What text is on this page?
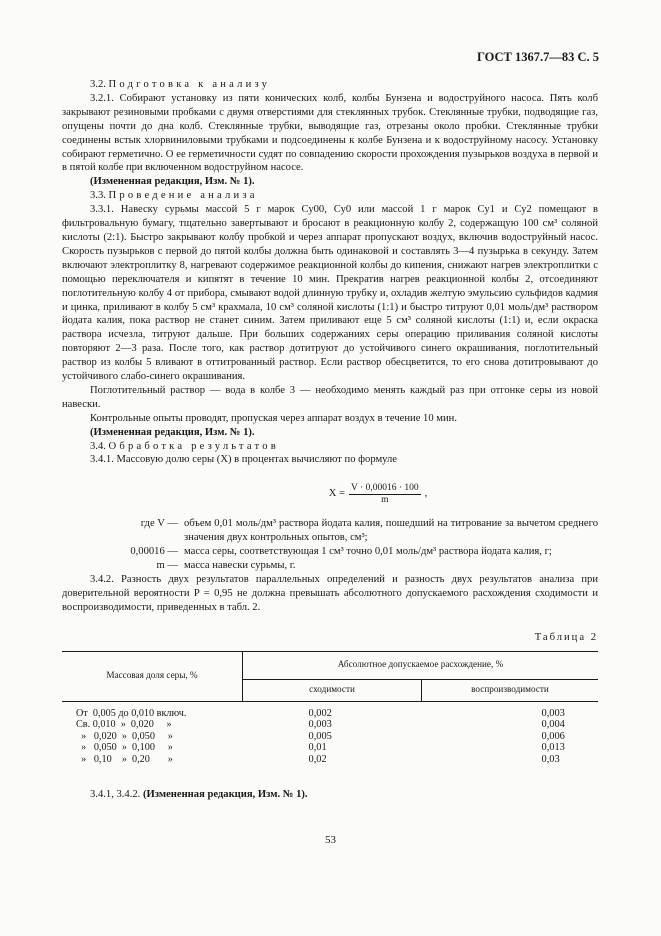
ГОСТ 1367.7—83 С. 5

3.2. Подготовка к анализу

3.2.1. Собирают установку из пяти конических колб, колбы Бунзена и водоструйного насоса. Пять колб закрывают резиновыми пробками с двумя отверстиями для стеклянных трубок. Стеклянные трубки, подводящие газ, опущены почти до дна колб. Стеклянные трубки, выводящие газ, отрезаны около пробки. Стеклянные трубки соединены встык хлорвиниловыми трубками и подсоединены к колбе Бунзена и к водоструйному насосу. Установку собирают герметично. О ее герметичности судят по совпадению скорости прохождения пузырьков воздуха в первой и в пятой колбе при включенном водоструйном насосе.

(Измененная редакция, Изм. № 1).

3.3. Проведение анализа

3.3.1. Навеску сурьмы массой 5 г марок Су00, Су0 или массой 1 г марок Су1 и Су2 помещают в фильтровальную бумагу, тщательно завертывают и бросают в реакционную колбу 2, содержащую 100 см³ соляной кислоты (2:1). Быстро закрывают колбу пробкой и через аппарат пропускают воздух, включив водоструйный насос. Скорость пузырьков с первой до пятой колбы должна быть одинаковой и составлять 3—4 пузырька в секунду. Затем включают электроплитку 8, нагревают содержимое реакционной колбы до кипения, снижают нагрев электроплитки с помощью переключателя и кипятят в течение 10 мин. Прекратив нагрев реакционной колбы 2, отсоединяют поглотительную колбу 4 от прибора, смывают водой длинную трубку и, охладив желтую эмульсию сульфидов кадмия и цинка, приливают в колбу 5 см³ крахмала, 10 см³ соляной кислоты (1:1) и быстро титруют 0,01 моль/дм³ раствором йодата калия, пока раствор не станет синим. Затем приливают еще 5 см³ соляной кислоты (1:1) и, если окраска раствора исчезла, титруют дальше. При больших содержаниях серы операцию приливания соляной кислоты повторяют 2—3 раза. После того, как раствор дотитруют до устойчивого синего окрашивания, поглотительный раствор из колбы 5 вливают в оттитрованный раствор. Если раствор обесцветится, то его снова дотитровывают до устойчивого слабо-синего окрашивания.

Поглотительный раствор — вода в колбе 3 — необходимо менять каждый раз при отгонке серы из новой навески.

Контрольные опыты проводят, пропуская через аппарат воздух в течение 10 мин.

(Измененная редакция, Изм. № 1).

3.4. Обработка результатов

3.4.1. Массовую долю серы (X) в процентах вычисляют по формуле

$X = \frac{V \cdot 0,00016 \cdot 100}{m}$ ,
где V — объем 0,01 моль/дм³ раствора йодата калия, пошедший на титрование за вычетом среднего значения двух контрольных опытов, см³;
0,00016 — масса серы, соответствующая 1 см³ точно 0,01 моль/дм³ раствора йодата калия, г;
m — масса навески сурьмы, г.

3.4.2. Разность двух результатов параллельных определений и разность двух результатов анализа при доверительной вероятности P = 0,95 не должна превышать абсолютного допускаемого расхождения сходимости и воспроизводимости, приведенных в табл. 2.

Таблица 2
Массовая доля серы, %	Абсолютное допускаемое расхождение, %	
	сходимости	воспроизводимости

От  0,005 до 0,010 включ.	0,002	0,003
Св. 0,010  »  0,020     »	0,003	0,004
»   0,020  »  0,050     »	0,005	0,006
»   0,050  »  0,100     »	0,01	0,013
»   0,10    »  0,20       »	0,02	0,03

3.4.1, 3.4.2. (Измененная редакция, Изм. № 1).

53
